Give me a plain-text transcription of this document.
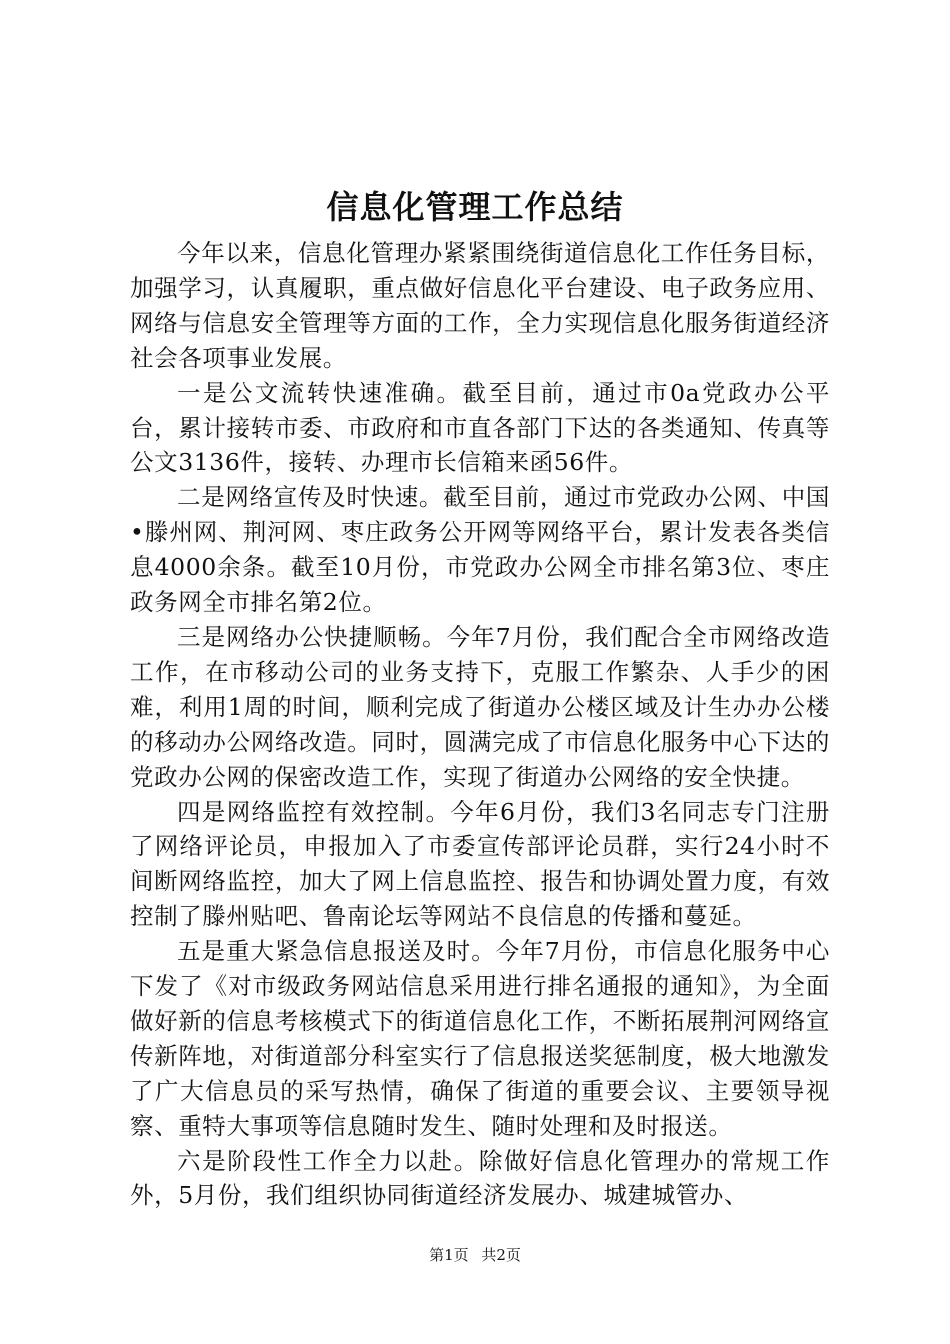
信息化管理工作总结

今年以来，信息化管理办紧紧围绕街道信息化工作任务目标，加强学习，认真履职，重点做好信息化平台建设、电子政务应用、网络与信息安全管理等方面的工作，全力实现信息化服务街道经济社会各项事业发展。

一是公文流转快速准确。截至目前，通过市0a党政办公平台，累计接转市委、市政府和市直各部门下达的各类通知、传真等公文3136件，接转、办理市长信箱来函56件。

二是网络宣传及时快速。截至目前，通过市党政办公网、中国•滕州网、荆河网、枣庄政务公开网等网络平台，累计发表各类信息4000余条。截至10月份，市党政办公网全市排名第3位、枣庄政务网全市排名第2位。

三是网络办公快捷顺畅。今年7月份，我们配合全市网络改造工作，在市移动公司的业务支持下，克服工作繁杂、人手少的困难，利用1周的时间，顺利完成了街道办公楼区域及计生办办公楼的移动办公网络改造。同时，圆满完成了市信息化服务中心下达的党政办公网的保密改造工作，实现了街道办公网络的安全快捷。

四是网络监控有效控制。今年6月份，我们3名同志专门注册了网络评论员，申报加入了市委宣传部评论员群，实行24小时不间断网络监控，加大了网上信息监控、报告和协调处置力度，有效控制了滕州贴吧、鲁南论坛等网站不良信息的传播和蔓延。

五是重大紧急信息报送及时。今年7月份，市信息化服务中心下发了《对市级政务网站信息采用进行排名通报的通知》，为全面做好新的信息考核模式下的街道信息化工作，不断拓展荆河网络宣传新阵地，对街道部分科室实行了信息报送奖惩制度，极大地激发了广大信息员的采写热情，确保了街道的重要会议、主要领导视察、重特大事项等信息随时发生、随时处理和及时报送。

六是阶段性工作全力以赴。除做好信息化管理办的常规工作外，5月份，我们组织协同街道经济发展办、城建城管办、

第1页 共2页
